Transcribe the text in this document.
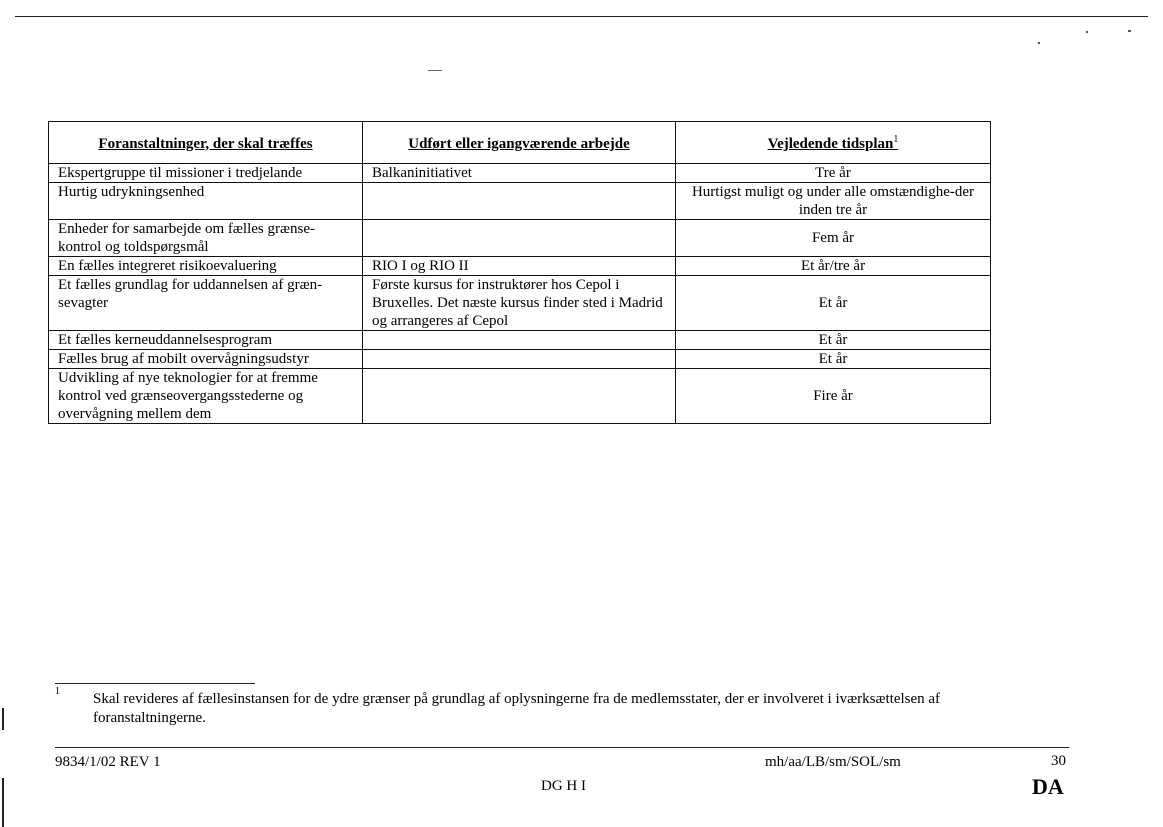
Foranstaltninger, der skal træffes	Udført eller igangværende arbejde	Vejledende tidsplan$^1$
Ekspertgruppe til missioner i tredjelande	Balkaninitiativet	Tre år
Hurtig udrykningsenhed		Hurtigst muligt og under alle omstændighe-der inden tre år
Enheder for samarbejde om fælles grænse-kontrol og toldspørgsmål		Fem år
En fælles integreret risikoevaluering	RIO I og RIO II	Et år/tre år
Et fælles grundlag for uddannelsen af græn-sevagter	Første kursus for instruktører hos Cepol i Bruxelles. Det næste kursus finder sted i Madrid og arrangeres af Cepol	Et år
Et fælles kerneuddannelsesprogram		Et år
Fælles brug af mobilt overvågningsudstyr		Et år
Udvikling af nye teknologier for at fremme kontrol ved grænseovergangsstederne og overvågning mellem dem		Fire år
1 Skal revideres af fællesinstansen for de ydre grænser på grundlag af oplysningerne fra de medlemsstater, der er involveret i iværksættelsen af foranstaltningerne.
9834/1/02 REV 1	mh/aa/LB/sm/SOL/sm	30
DG H I	DA
